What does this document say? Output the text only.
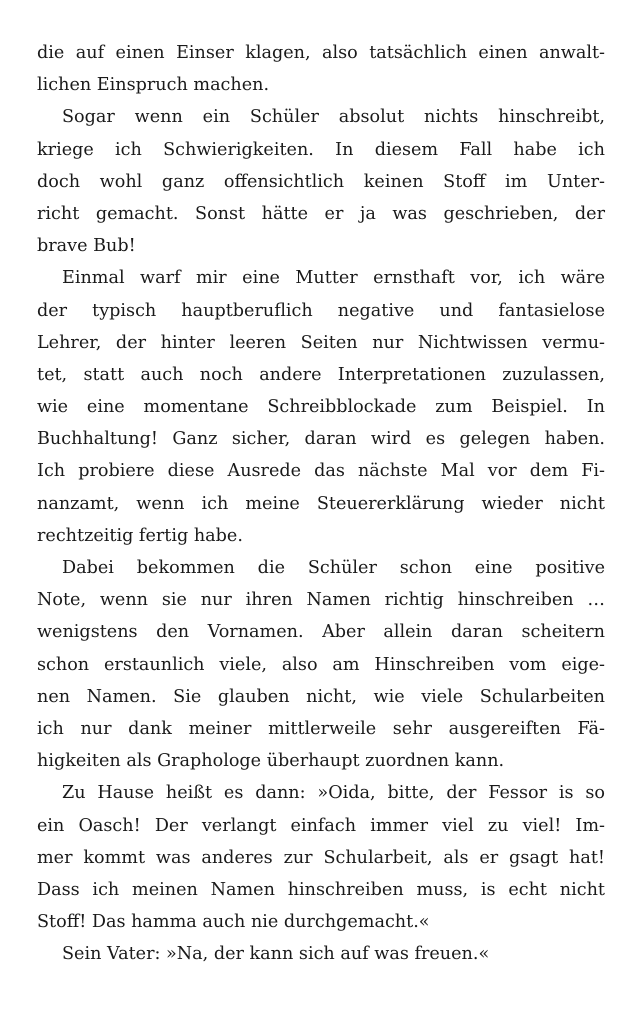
die auf einen Einser klagen, also tatsächlich einen anwalt-
lichen Einspruch machen.
Sogar wenn ein Schüler absolut nichts hinschreibt,
kriege ich Schwierigkeiten. In diesem Fall habe ich
doch wohl ganz offensichtlich keinen Stoff im Unter-
richt gemacht. Sonst hätte er ja was geschrieben, der
brave Bub!
Einmal warf mir eine Mutter ernsthaft vor, ich wäre
der typisch hauptberuflich negative und fantasielose
Lehrer, der hinter leeren Seiten nur Nichtwissen vermu-
tet, statt auch noch andere Interpretationen zuzulassen,
wie eine momentane Schreibblockade zum Beispiel. In
Buchhaltung! Ganz sicher, daran wird es gelegen haben.
Ich probiere diese Ausrede das nächste Mal vor dem Fi-
nanzamt, wenn ich meine Steuererklärung wieder nicht
rechtzeitig fertig habe.
Dabei bekommen die Schüler schon eine positive
Note, wenn sie nur ihren Namen richtig hinschreiben …
wenigstens den Vornamen. Aber allein daran scheitern
schon erstaunlich viele, also am Hinschreiben vom eige-
nen Namen. Sie glauben nicht, wie viele Schularbeiten
ich nur dank meiner mittlerweile sehr ausgereiften Fä-
higkeiten als Graphologe überhaupt zuordnen kann.
Zu Hause heißt es dann: »Oida, bitte, der Fessor is so
ein Oasch! Der verlangt einfach immer viel zu viel! Im-
mer kommt was anderes zur Schularbeit, als er gsagt hat!
Dass ich meinen Namen hinschreiben muss, is echt nicht
Stoff! Das hamma auch nie durchgemacht.«
Sein Vater: »Na, der kann sich auf was freuen.«
